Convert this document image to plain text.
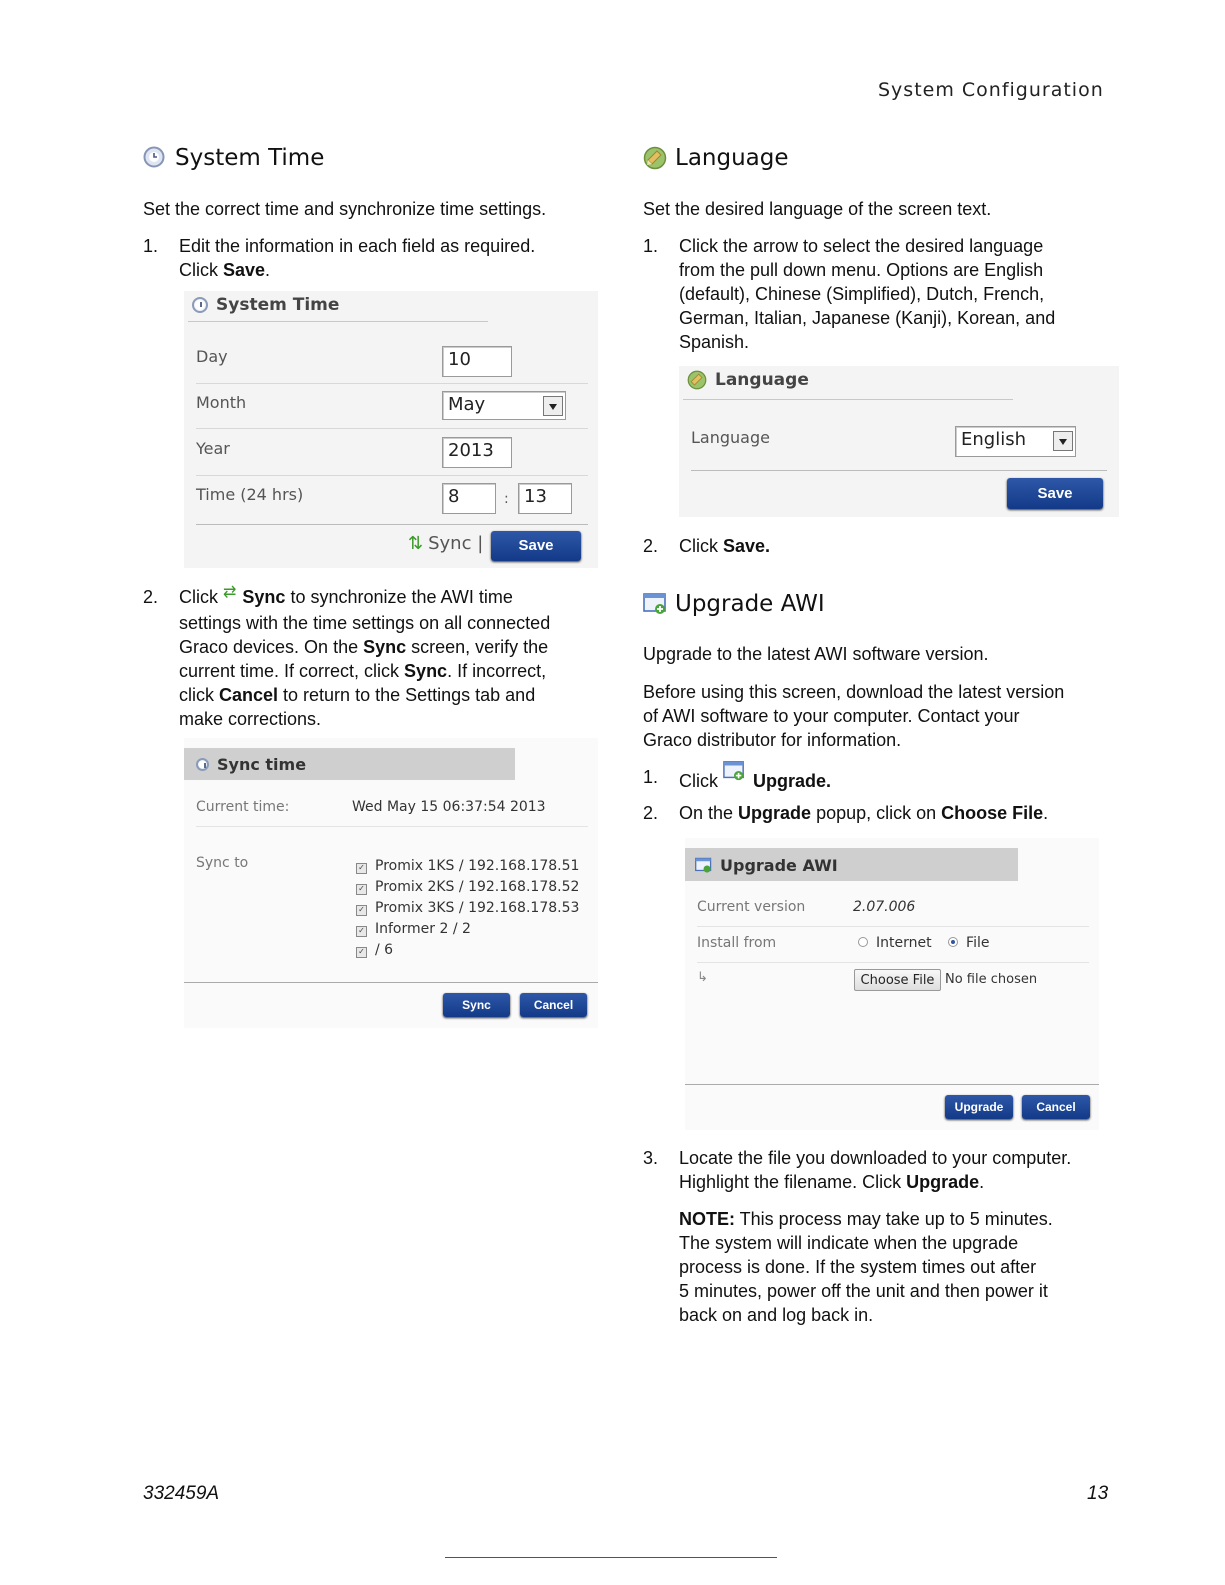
System Configuration
System Time
Set the correct time and synchronize time settings.
1. Edit the information in each field as required.
Click Save.
System Time
Day	10
Month	May
Year	2013
Time (24 hrs)	8	: 13
⇅ Sync |	Save
2. Click ⇄ Sync to synchronize the AWI time
settings with the time settings on all connected
Graco devices. On the Sync screen, verify the
current time. If correct, click Sync. If incorrect,
click Cancel to return to the Settings tab and
make corrections.
Sync time
Current time:	Wed May 15 06:37:54 2013
Sync to	✓ Promix 1KS / 192.168.178.51
✓ Promix 2KS / 192.168.178.52
✓ Promix 3KS / 192.168.178.53
✓ Informer 2 / 2
✓ / 6
Sync	Cancel
Language
Set the desired language of the screen text.
1. Click the arrow to select the desired language
from the pull down menu. Options are English
(default), Chinese (Simplified), Dutch, French,
German, Italian, Japanese (Kanji), Korean, and
Spanish.
Language
Language	English
Save
2. Click Save.
Upgrade AWI
Upgrade to the latest AWI software version.
Before using this screen, download the latest version
of AWI software to your computer. Contact your
Graco distributor for information.
1. Click Upgrade.
2. On the Upgrade popup, click on Choose File.
Upgrade AWI
Current version	2.07.006
Install from	Internet File
↳	Choose File No file chosen
Upgrade	Cancel
3. Locate the file you downloaded to your computer.
Highlight the filename. Click Upgrade.
NOTE: This process may take up to 5 minutes.
The system will indicate when the upgrade
process is done. If the system times out after
5 minutes, power off the unit and then power it
back on and log back in.
332459A	13
